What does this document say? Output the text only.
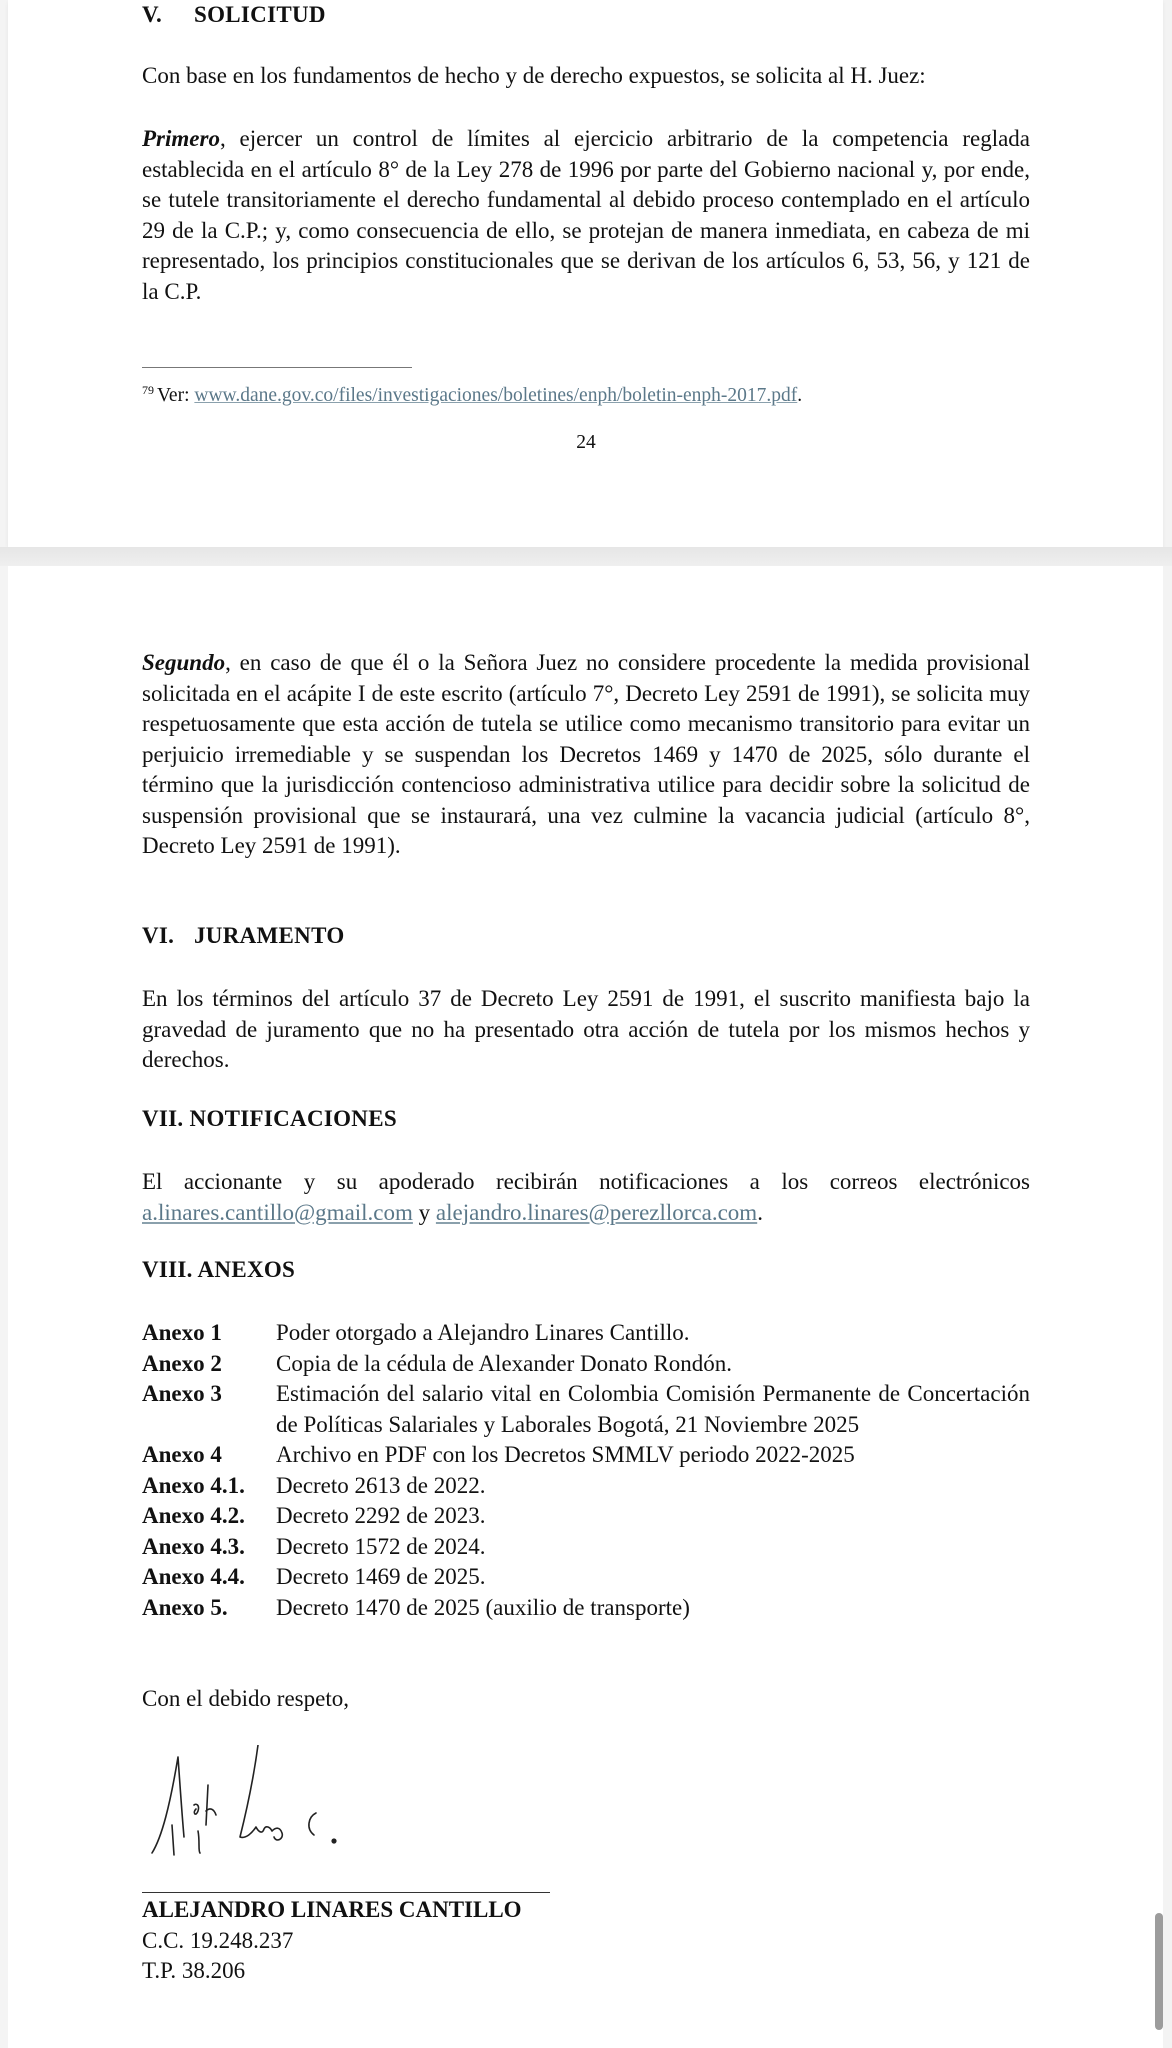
V. SOLICITUD

Con base en los fundamentos de hecho y de derecho expuestos, se solicita al H. Juez:

Primero, ejercer un control de límites al ejercicio arbitrario de la competencia reglada establecida en el artículo 8° de la Ley 278 de 1996 por parte del Gobierno nacional y, por ende, se tutele transitoriamente el derecho fundamental al debido proceso contemplado en el artículo 29 de la C.P.; y, como consecuencia de ello, se protejan de manera inmediata, en cabeza de mi representado, los principios constitucionales que se derivan de los artículos 6, 53, 56, y 121 de la C.P.

$^{79}$ Ver: www.dane.gov.co/files/investigaciones/boletines/enph/boletin-enph-2017.pdf.
24

Segundo, en caso de que él o la Señora Juez no considere procedente la medida provisional solicitada en el acápite I de este escrito (artículo 7°, Decreto Ley 2591 de 1991), se solicita muy respetuosamente que esta acción de tutela se utilice como mecanismo transitorio para evitar un perjuicio irremediable y se suspendan los Decretos 1469 y 1470 de 2025, sólo durante el término que la jurisdicción contencioso administrativa utilice para decidir sobre la solicitud de suspensión provisional que se instaurará, una vez culmine la vacancia judicial (artículo 8°, Decreto Ley 2591 de 1991).

VI. JURAMENTO

En los términos del artículo 37 de Decreto Ley 2591 de 1991, el suscrito manifiesta bajo la gravedad de juramento que no ha presentado otra acción de tutela por los mismos hechos y derechos.

VII. NOTIFICACIONES

El accionante y su apoderado recibirán notificaciones a los correos electrónicos a.linares.cantillo@gmail.com y alejandro.linares@perezllorca.com.

VIII. ANEXOS
Anexo 1	Poder otorgado a Alejandro Linares Cantillo.
Anexo 2	Copia de la cédula de Alexander Donato Rondón.
Anexo 3	Estimación del salario vital en Colombia Comisión Permanente de Concertación de Políticas Salariales y Laborales Bogotá, 21 Noviembre 2025
Anexo 4	Archivo en PDF con los Decretos SMMLV periodo 2022-2025
Anexo 4.1.	Decreto 2613 de 2022.
Anexo 4.2.	Decreto 2292 de 2023.
Anexo 4.3.	Decreto 1572 de 2024.
Anexo 4.4.	Decreto 1469 de 2025.
Anexo 5.	Decreto 1470 de 2025 (auxilio de transporte)

Con el debido respeto,

ALEJANDRO LINARES CANTILLO
C.C. 19.248.237
T.P. 38.206
